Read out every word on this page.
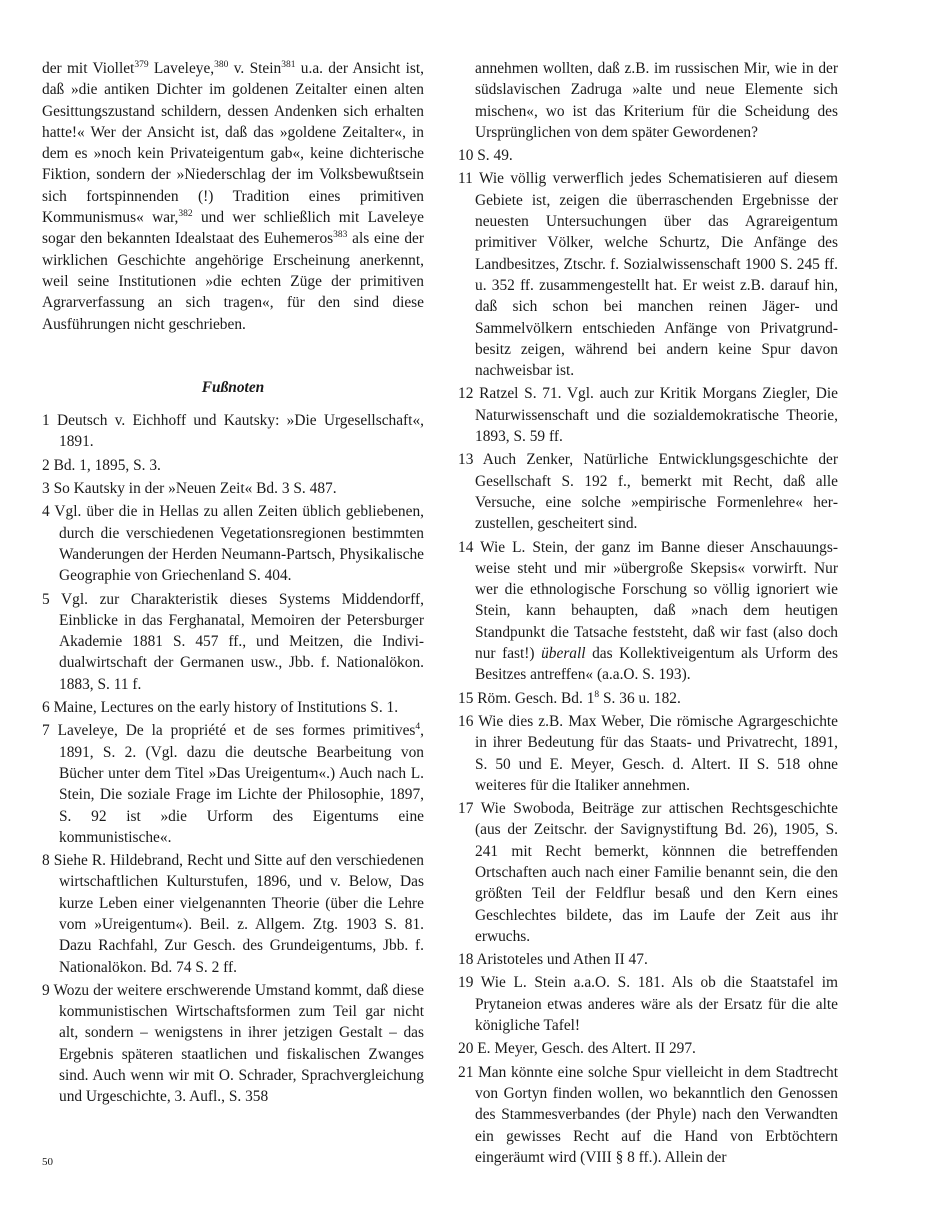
der mit Viollet$^{379}$ Laveleye,$^{380}$ v. Stein$^{381}$ u.a. der Ansicht ist, daß »die antiken Dichter im goldenen Zeitalter einen alten Gesittungszustand schildern, dessen Andenken sich erhalten hatte!« Wer der Ansicht ist, daß das »goldene Zeitalter«, in dem es »noch kein Privateigentum gab«, keine dichterische Fiktion, sondern der »Niederschlag der im Volksbewußtsein sich fortspinnenden (!) Tradition eines primitiven Kommunismus« war,$^{382}$ und wer schließlich mit Laveleye sogar den bekannten Idealstaat des Euhemeros$^{383}$ als eine der wirklichen Geschichte angehörige Erscheinung anerkennt, weil seine Institutionen »die echten Züge der primitiven Agrarverfassung an sich tragen«, für den sind diese Ausführungen nicht geschrieben.

Fußnoten
1 Deutsch v. Eichhoff und Kautsky: »Die Urgesellschaft«, 1891.
2 Bd. 1, 1895, S. 3.
3 So Kautsky in der »Neuen Zeit« Bd. 3 S. 487.
4 Vgl. über die in Hellas zu allen Zeiten üblich gebliebenen, durch die verschiedenen Vegetationsregionen bestimmten Wanderungen der Herden Neumann-Partsch, Physikalische Geographie von Griechenland S. 404.
5 Vgl. zur Charakteristik dieses Systems Middendorff, Einblicke in das Ferghanatal, Memoiren der Petersburger Akademie 1881 S. 457 ff., und Meitzen, die Individualwirtschaft der Germanen usw., Jbb. f. Nationalökon. 1883, S. 11 f.
6 Maine, Lectures on the early history of Institutions S. 1.
7 Laveleye, De la propriété et de ses formes primitives$^4$, 1891, S. 2. (Vgl. dazu die deutsche Bearbeitung von Bücher unter dem Titel »Das Ureigentum«.) Auch nach L. Stein, Die soziale Frage im Lichte der Philosophie, 1897, S. 92 ist »die Urform des Eigentums eine kommunistische«.
8 Siehe R. Hildebrand, Recht und Sitte auf den verschiedenen wirtschaftlichen Kulturstufen, 1896, und v. Below, Das kurze Leben einer vielgenannten Theorie (über die Lehre vom »Ureigentum«). Beil. z. Allgem. Ztg. 1903 S. 81. Dazu Rachfahl, Zur Gesch. des Grundeigentums, Jbb. f. Nationalökon. Bd. 74 S. 2 ff.
9 Wozu der weitere erschwerende Umstand kommt, daß diese kommunistischen Wirtschaftsformen zum Teil gar nicht alt, sondern – wenigstens in ihrer jetzigen Gestalt – das Ergebnis späteren staatlichen und fiskalischen Zwanges sind. Auch wenn wir mit O. Schrader, Sprachvergleichung und Urgeschichte, 3. Aufl., S. 358
annehmen wollten, daß z.B. im russischen Mir, wie in der südslavischen Zadruga »alte und neue Elemente sich mischen«, wo ist das Kriterium für die Scheidung des Ursprünglichen von dem später Gewordenen?
10 S. 49.
11 Wie völlig verwerflich jedes Schematisieren auf diesem Gebiete ist, zeigen die überraschenden Ergebnisse der neuesten Untersuchungen über das Agrareigentum primitiver Völker, welche Schurtz, Die Anfänge des Landbesitzes, Ztschr. f. Sozialwissenschaft 1900 S. 245 ff. u. 352 ff. zusammengestellt hat. Er weist z.B. darauf hin, daß sich schon bei manchen reinen Jäger- und Sammelvölkern entschieden Anfänge von Privatgrundbesitz zeigen, während bei andern keine Spur davon nachweisbar ist.
12 Ratzel S. 71. Vgl. auch zur Kritik Morgans Ziegler, Die Naturwissenschaft und die sozialdemokratische Theorie, 1893, S. 59 ff.
13 Auch Zenker, Natürliche Entwicklungsgeschichte der Gesellschaft S. 192 f., bemerkt mit Recht, daß alle Versuche, eine solche »empirische Formenlehre« herzustellen, gescheitert sind.
14 Wie L. Stein, der ganz im Banne dieser Anschauungsweise steht und mir »übergroße Skepsis« vorwirft. Nur wer die ethnologische Forschung so völlig ignoriert wie Stein, kann behaupten, daß »nach dem heutigen Standpunkt die Tatsache feststeht, daß wir fast (also doch nur fast!) überall das Kollektiveigentum als Urform des Besitzes antreffen« (a.a.O. S. 193).
15 Röm. Gesch. Bd. $1^8$ S. 36 u. 182.
16 Wie dies z.B. Max Weber, Die römische Agrargeschichte in ihrer Bedeutung für das Staats- und Privatrecht, 1891, S. 50 und E. Meyer, Gesch. d. Altert. II S. 518 ohne weiteres für die Italiker annehmen.
17 Wie Swoboda, Beiträge zur attischen Rechtsgeschichte (aus der Zeitschr. der Savignystiftung Bd. 26), 1905, S. 241 mit Recht bemerkt, könnnen die betreffenden Ortschaften auch nach einer Familie benannt sein, die den größten Teil der Feldflur besaß und den Kern eines Geschlechtes bildete, das im Laufe der Zeit aus ihr erwuchs.
18 Aristoteles und Athen II 47.
19 Wie L. Stein a.a.O. S. 181. Als ob die Staatstafel im Prytaneion etwas anderes wäre als der Ersatz für die alte königliche Tafel!
20 E. Meyer, Gesch. des Altert. II 297.
21 Man könnte eine solche Spur vielleicht in dem Stadtrecht von Gortyn finden wollen, wo bekanntlich den Genossen des Stammesverbandes (der Phyle) nach den Verwandten ein gewisses Recht auf die Hand von Erbtöchtern eingeräumt wird (VIII § 8 ff.). Allein der
50
